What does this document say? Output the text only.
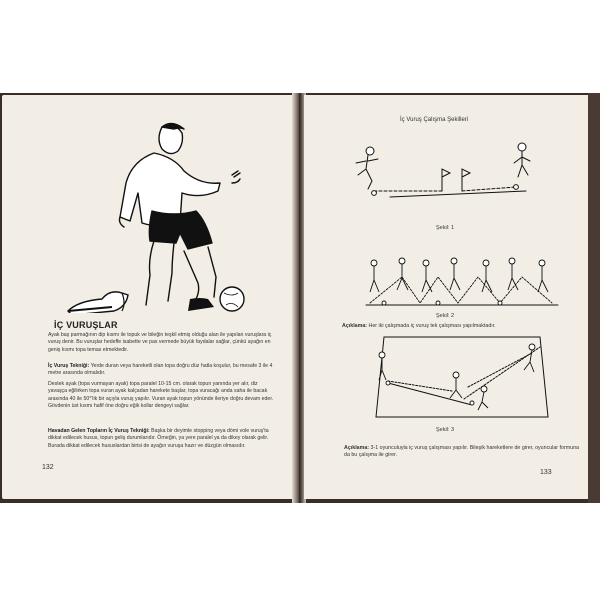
İÇ VURUŞLAR

Ayak baş parmağının dip kısmı ile topuk ve bileğin teşkil etmiş olduğu alan ile yapılan vuruşlara iç vuruş denir. Bu vuruşlar hedeffe isabette ve pas vermede büyük faydalar sağlar, çünkü ayağın en geniş kısmı topa temas etmektedir.

İç Vuruş Tekniği: Yerde duran veya hareketli olan topa doğru düz hatla koşulur, bu mesafe 3 ile 4 metre arasında olmalıdır.

Destek ayak (topa vurmayan ayak) topa paralel 10-15 cm. olarak topun yanında yer alır, diz yavaşça eğilirken topa vuran ayak kalçadan harekete başlar, topa vuracağı anda saha ile bacak arasında 40 ile 50°'lik bir açıyla vuruş yapılır. Vuran ayak topun yönünde ileriye doğru devam eder. Gövdenin üst kısmı hafif öne doğru eğik kollar dengeyi sağlar.

Havadan Gelen Topların İç Vuruş Tekniği: Başka bir deyimle stopping veya dömi vole vuruş'ta dikkat edilecek husus, topun geliş durumlarıdır. Örneğin, ya yere paralel ya da dikey olarak gelir. Burada dikkat edilecek hususlardan birisi de ayağın vuruşa hazır ve düzgün olmasıdır.

132
İç Vuruş Çalışma Şekilleri
Şekil: 1
Şekil: 2

Açıklama: Her iki çalışmada iç vuruş tek çalışması yapılmaktadır.

Şekil: 3

Açıklama: 3-1 oyunculuyla iç vuruş çalışması yapılır. Bileşik hareketlere de girer, oyuncular formuna da bu çalışma ile girer.

133
